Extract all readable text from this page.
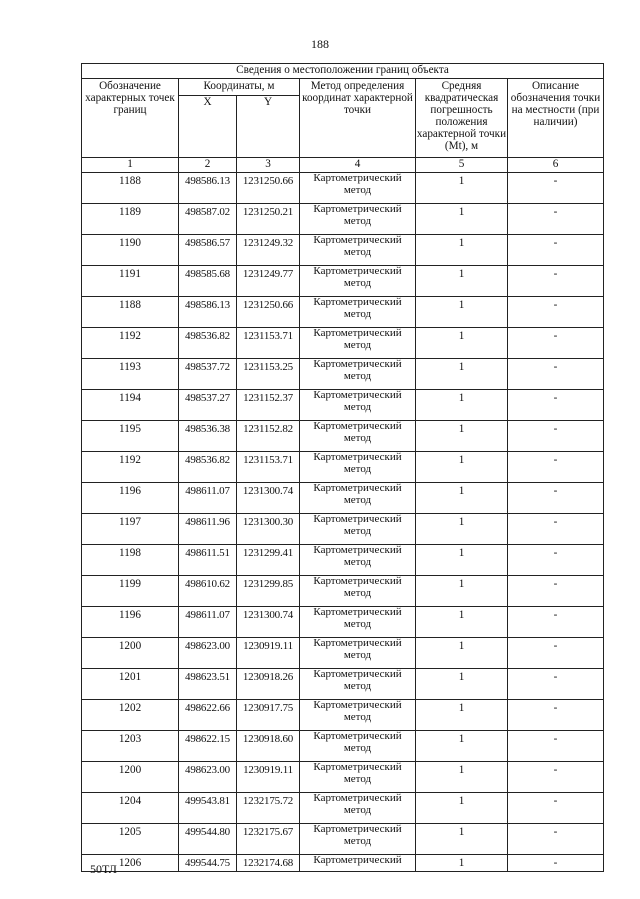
188
Сведения о местоположении границ объекта					
Обозначение характерных точек границ	Координаты, м		Метод определения координат характерной точки	Средняя квадратическая погрешность положения характерной точки (Mt), м	Описание обозначения точки на местности (при наличии)
	X	Y			
1	2	3	4	5	6
1188	498586.13	1231250.66	Картометрический метод	1	-
1189	498587.02	1231250.21	Картометрический метод	1	-
1190	498586.57	1231249.32	Картометрический метод	1	-
1191	498585.68	1231249.77	Картометрический метод	1	-
1188	498586.13	1231250.66	Картометрический метод	1	-
1192	498536.82	1231153.71	Картометрический метод	1	-
1193	498537.72	1231153.25	Картометрический метод	1	-
1194	498537.27	1231152.37	Картометрический метод	1	-
1195	498536.38	1231152.82	Картометрический метод	1	-
1192	498536.82	1231153.71	Картометрический метод	1	-
1196	498611.07	1231300.74	Картометрический метод	1	-
1197	498611.96	1231300.30	Картометрический метод	1	-
1198	498611.51	1231299.41	Картометрический метод	1	-
1199	498610.62	1231299.85	Картометрический метод	1	-
1196	498611.07	1231300.74	Картометрический метод	1	-
1200	498623.00	1230919.11	Картометрический метод	1	-
1201	498623.51	1230918.26	Картометрический метод	1	-
1202	498622.66	1230917.75	Картометрический метод	1	-
1203	498622.15	1230918.60	Картометрический метод	1	-
1200	498623.00	1230919.11	Картометрический метод	1	-
1204	499543.81	1232175.72	Картометрический метод	1	-
1205	499544.80	1232175.67	Картометрический метод	1	-
1206	499544.75	1232174.68	Картометрический	1	-
50ТЛ
